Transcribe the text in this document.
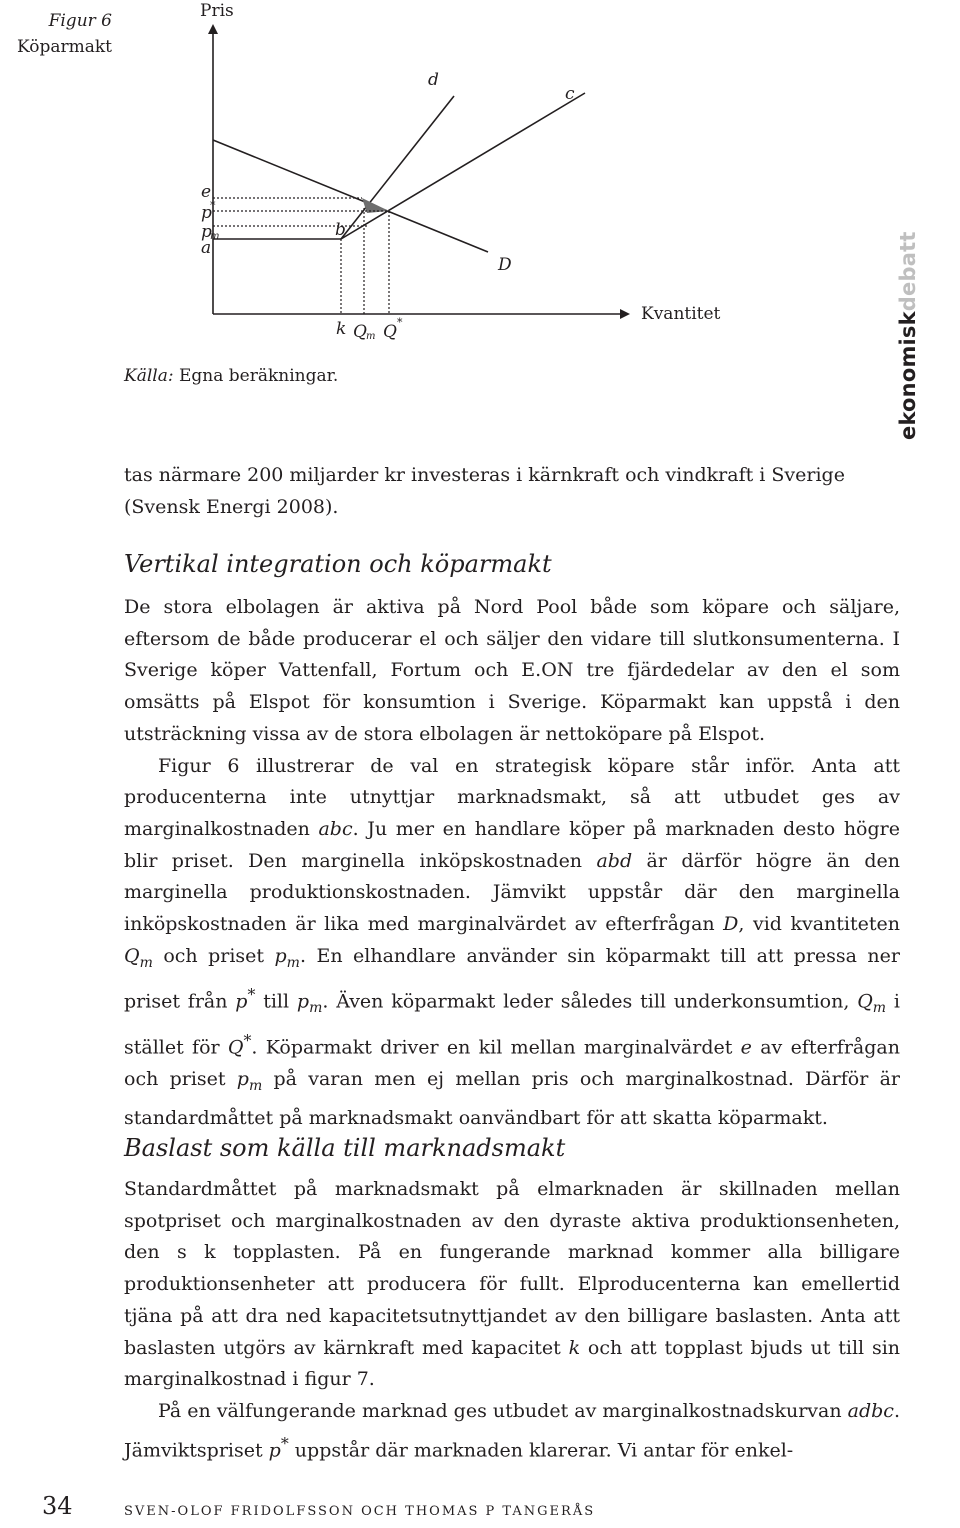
Figur 6
Köparmakt
Pris
Kvantitet
d
c
b
D
e
p
*
p
m
a
k Q m Q *
Källa: Egna beräkningar.	ekonomiskdebatt
tas närmare 200 miljarder kr investeras i kärnkraft och vindkraft i Sverige
(Svensk Energi 2008).
Vertikal integration och köparmakt

De stora elbolagen är aktiva på Nord Pool både som köpare och säljare, eftersom de både producerar el och säljer den vidare till slutkonsumenterna. I Sverige köper Vattenfall, Fortum och E.ON tre fjärdedelar av den el som omsätts på Elspot för konsumtion i Sverige. Köparmakt kan uppstå i den utsträckning vissa av de stora elbolagen är nettoköpare på Elspot.

Figur 6 illustrerar de val en strategisk köpare står inför. Anta att producenterna inte utnyttjar marknadsmakt, så att utbudet ges av marginalkostnaden abc. Ju mer en handlare köper på marknaden desto högre blir priset. Den marginella inköpskostnaden abd är därför högre än den marginella produktionskostnaden. Jämvikt uppstår där den marginella inköpskostnaden är lika med marginalvärdet av efterfrågan D, vid kvantiteten $Q_m$ och priset $p_m$. En elhandlare använder sin köparmakt till att pressa ner priset från p* till $p_m$. Även köparmakt leder således till underkonsumtion, $Q_m$ i stället för Q*. Köparmakt driver en kil mellan marginalvärdet e av efterfrågan och priset $p_m$ på varan men ej mellan pris och marginalkostnad. Därför är standardmåttet på marknadsmakt oanvändbart för att skatta köparmakt.

Baslast som källa till marknadsmakt

Standardmåttet på marknadsmakt på elmarknaden är skillnaden mellan spotpriset och marginalkostnaden av den dyraste aktiva produktionsenheten, den s k topplasten. På en fungerande marknad kommer alla billigare produktionsenheter att producera för fullt. Elproducenterna kan emellertid tjäna på att dra ned kapacitetsutnyttjandet av den billigare baslasten. Anta att baslasten utgörs av kärnkraft med kapacitet k och att topplast bjuds ut till sin marginalkostnad i figur 7.

På en välfungerande marknad ges utbudet av marginalkostnadskurvan adbc. Jämviktspriset p* uppstår där marknaden klarerar. Vi antar för enkel-

34	SVEN-OLOF FRIDOLFSSON OCH THOMAS P TANGERÅS
